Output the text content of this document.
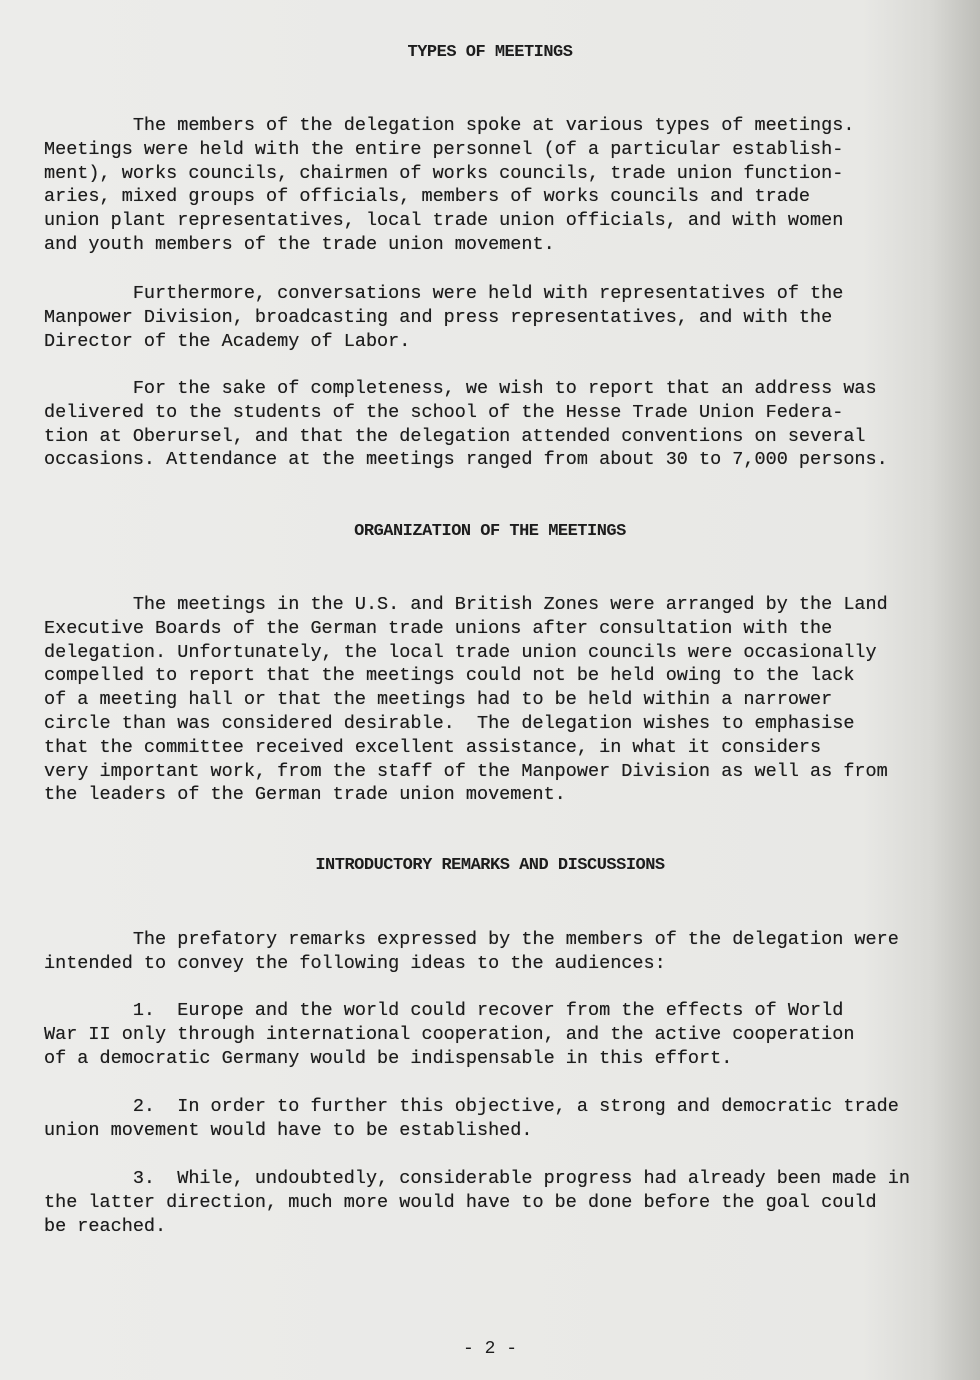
TYPES OF MEETINGS
The members of the delegation spoke at various types of meetings.
Meetings were held with the entire personnel (of a particular establish-
ment), works councils, chairmen of works councils, trade union function-
aries, mixed groups of officials, members of works councils and trade
union plant representatives, local trade union officials, and with women
and youth members of the trade union movement.
Furthermore, conversations were held with representatives of the
Manpower Division, broadcasting and press representatives, and with the
Director of the Academy of Labor.
For the sake of completeness, we wish to report that an address was
delivered to the students of the school of the Hesse Trade Union Federa-
tion at Oberursel, and that the delegation attended conventions on several
occasions. Attendance at the meetings ranged from about 30 to 7,000 persons.
ORGANIZATION OF THE MEETINGS
The meetings in the U.S. and British Zones were arranged by the Land
Executive Boards of the German trade unions after consultation with the
delegation. Unfortunately, the local trade union councils were occasionally
compelled to report that the meetings could not be held owing to the lack
of a meeting hall or that the meetings had to be held within a narrower
circle than was considered desirable.  The delegation wishes to emphasise
that the committee received excellent assistance, in what it considers
very important work, from the staff of the Manpower Division as well as from
the leaders of the German trade union movement.
INTRODUCTORY REMARKS AND DISCUSSIONS
The prefatory remarks expressed by the members of the delegation were
intended to convey the following ideas to the audiences:
1.  Europe and the world could recover from the effects of World
War II only through international cooperation, and the active cooperation
of a democratic Germany would be indispensable in this effort.
2.  In order to further this objective, a strong and democratic trade
union movement would have to be established.
3.  While, undoubtedly, considerable progress had already been made in
the latter direction, much more would have to be done before the goal could
be reached.
- 2 -
